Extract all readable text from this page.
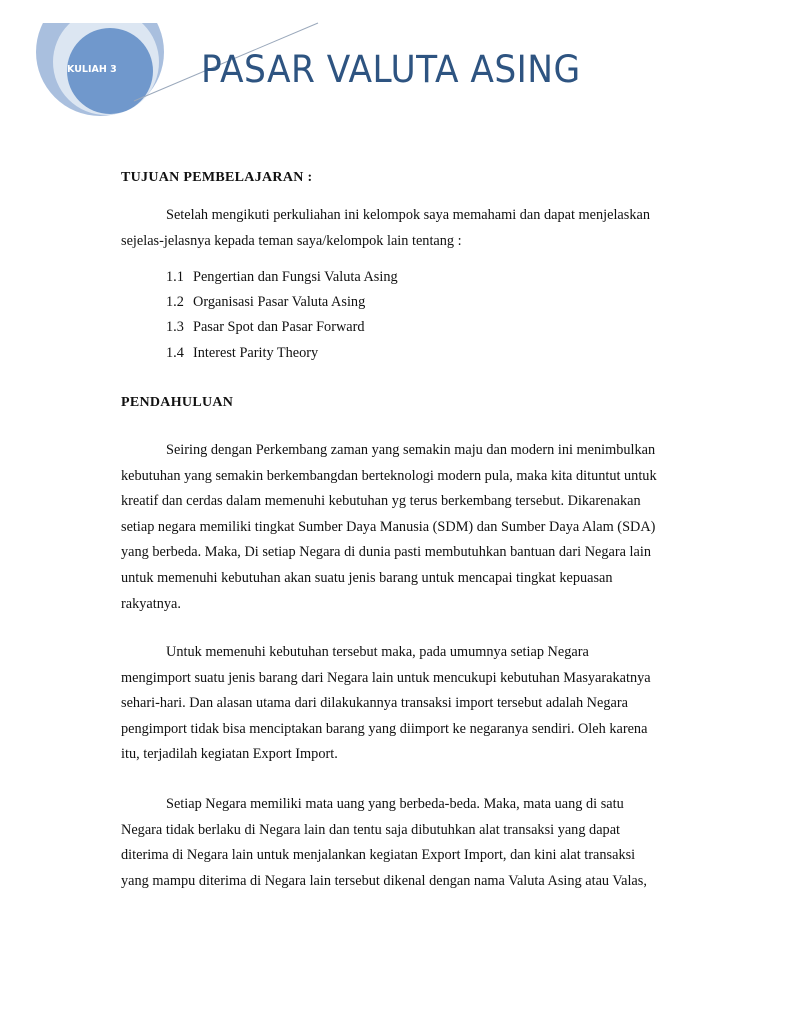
KULIAH 3 PASAR VALUTA ASING
TUJUAN PEMBELAJARAN :
Setelah mengikuti perkuliahan ini kelompok saya memahami dan dapat menjelaskan
sejelas-jelasnya kepada teman saya/kelompok lain tentang :
1.1 Pengertian dan Fungsi Valuta Asing
1.2 Organisasi Pasar Valuta Asing
1.3 Pasar Spot dan Pasar Forward
1.4 Interest Parity Theory
PENDAHULUAN
Seiring dengan Perkembang zaman yang semakin maju dan modern ini menimbulkan
kebutuhan yang semakin berkembangdan berteknologi modern pula, maka kita dituntut untuk
kreatif dan cerdas dalam memenuhi kebutuhan yg terus berkembang tersebut. Dikarenakan
setiap negara memiliki tingkat Sumber Daya Manusia (SDM) dan Sumber Daya Alam (SDA)
yang berbeda. Maka, Di setiap Negara di dunia pasti membutuhkan bantuan dari Negara lain
untuk memenuhi kebutuhan akan suatu jenis barang untuk mencapai tingkat kepuasan
rakyatnya.
Untuk memenuhi kebutuhan tersebut maka, pada umumnya setiap Negara
mengimport suatu jenis barang dari Negara lain untuk mencukupi kebutuhan Masyarakatnya
sehari-hari. Dan alasan utama dari dilakukannya transaksi import tersebut adalah Negara
pengimport tidak bisa menciptakan barang yang diimport ke negaranya sendiri. Oleh karena
itu, terjadilah kegiatan Export Import.
Setiap Negara memiliki mata uang yang berbeda-beda. Maka, mata uang di satu
Negara tidak berlaku di Negara lain dan tentu saja dibutuhkan alat transaksi yang dapat
diterima di Negara lain untuk menjalankan kegiatan Export Import, dan kini alat transaksi
yang mampu diterima di Negara lain tersebut dikenal dengan nama Valuta Asing atau Valas,
